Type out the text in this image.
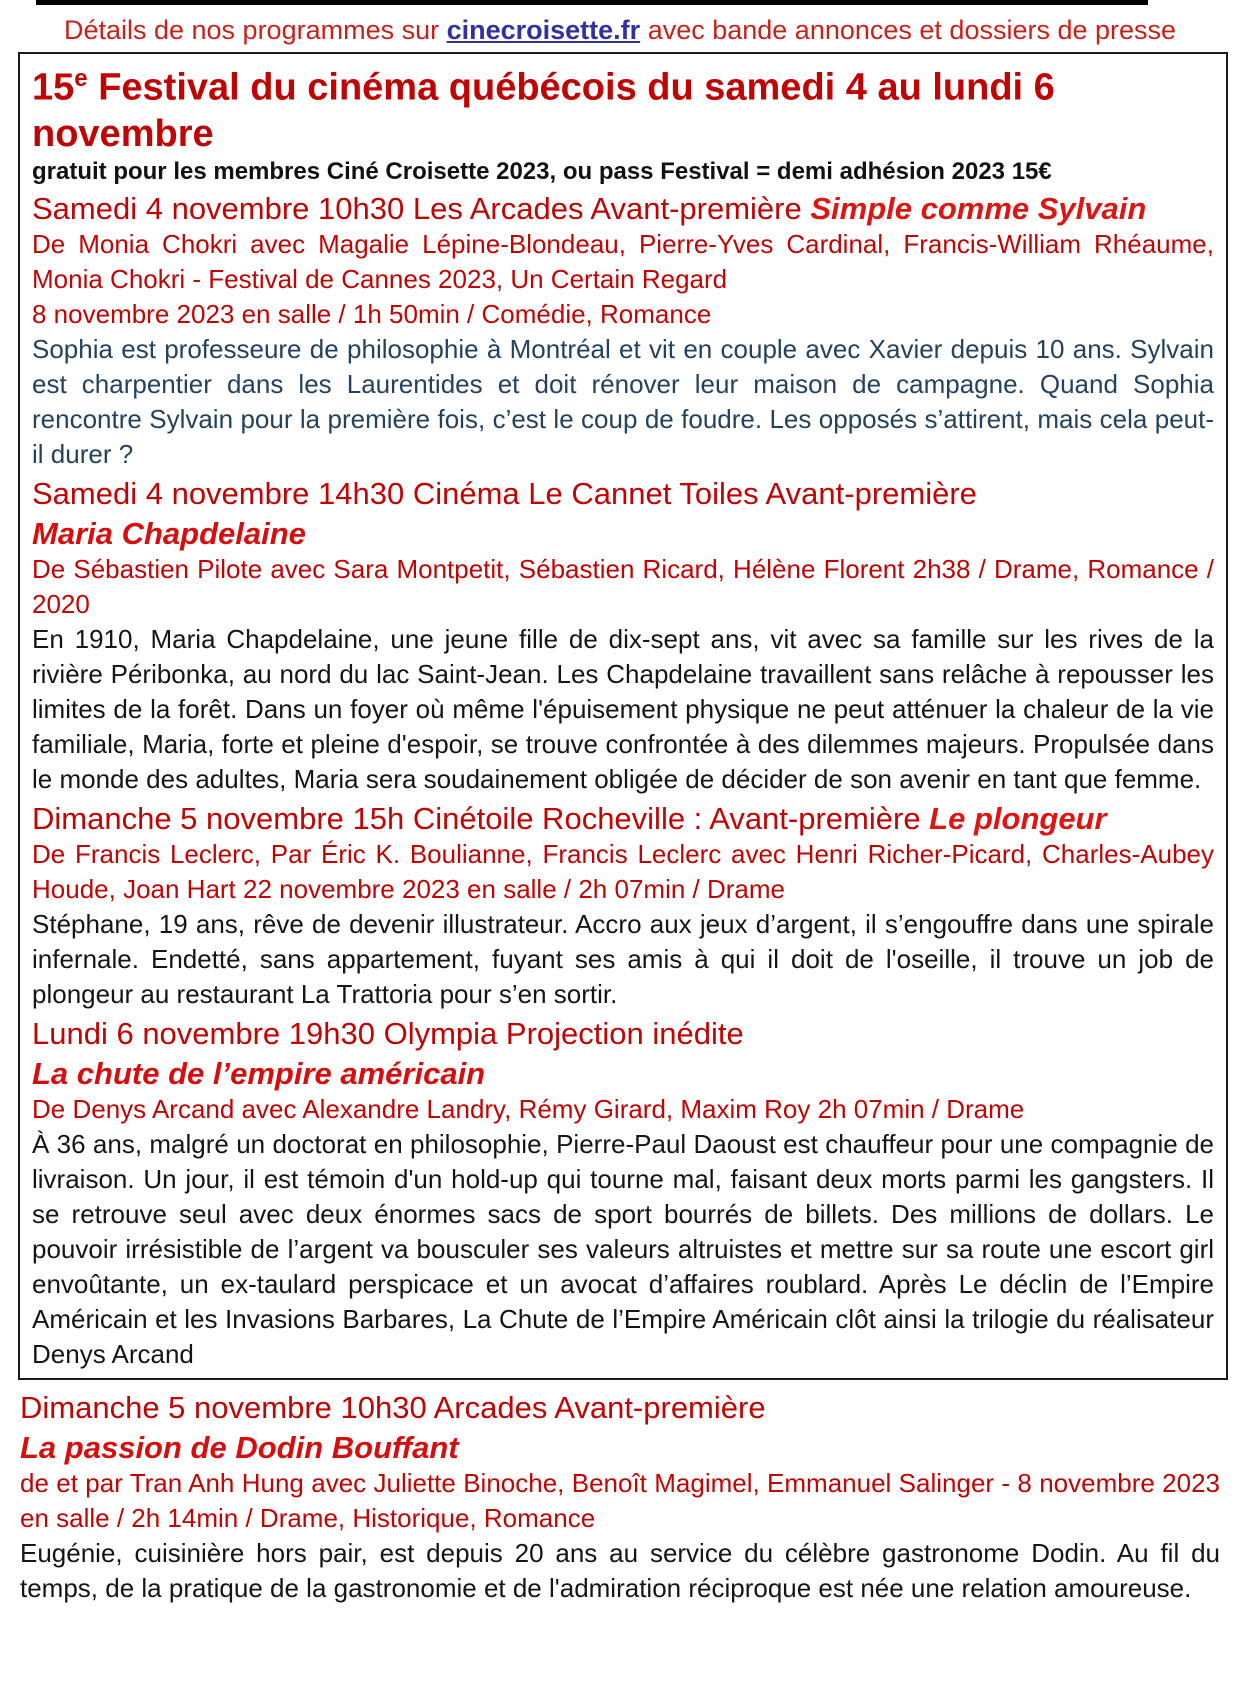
Détails de nos programmes sur cinecroisette.fr avec bande annonces et dossiers de presse

15e Festival du cinéma québécois du samedi 4 au lundi 6 novembre

gratuit pour les membres Ciné Croisette 2023, ou pass Festival = demi adhésion 2023 15€

Samedi 4 novembre 10h30 Les Arcades Avant-première Simple comme Sylvain

De Monia Chokri avec Magalie Lépine-Blondeau, Pierre-Yves Cardinal, Francis-William Rhéaume, Monia Chokri - Festival de Cannes 2023, Un Certain Regard

8 novembre 2023 en salle / 1h 50min / Comédie, Romance

Sophia est professeure de philosophie à Montréal et vit en couple avec Xavier depuis 10 ans. Sylvain est charpentier dans les Laurentides et doit rénover leur maison de campagne. Quand Sophia rencontre Sylvain pour la première fois, c’est le coup de foudre. Les opposés s’attirent, mais cela peut-il durer ?

Samedi 4 novembre 14h30 Cinéma Le Cannet Toiles Avant-première
Maria Chapdelaine

De Sébastien Pilote avec Sara Montpetit, Sébastien Ricard, Hélène Florent 2h38 / Drame, Romance / 2020

En 1910, Maria Chapdelaine, une jeune fille de dix-sept ans, vit avec sa famille sur les rives de la rivière Péribonka, au nord du lac Saint-Jean. Les Chapdelaine travaillent sans relâche à repousser les limites de la forêt. Dans un foyer où même l'épuisement physique ne peut atténuer la chaleur de la vie familiale, Maria, forte et pleine d'espoir, se trouve confrontée à des dilemmes majeurs. Propulsée dans le monde des adultes, Maria sera soudainement obligée de décider de son avenir en tant que femme.

Dimanche 5 novembre 15h Cinétoile Rocheville : Avant-première Le plongeur

De Francis Leclerc, Par Éric K. Boulianne, Francis Leclerc avec Henri Richer-Picard, Charles-Aubey Houde, Joan Hart 22 novembre 2023 en salle / 2h 07min / Drame

Stéphane, 19 ans, rêve de devenir illustrateur. Accro aux jeux d’argent, il s’engouffre dans une spirale infernale. Endetté, sans appartement, fuyant ses amis à qui il doit de l'oseille, il trouve un job de plongeur au restaurant La Trattoria pour s’en sortir.

Lundi 6 novembre 19h30 Olympia Projection inédite
La chute de l’empire américain

De Denys Arcand avec Alexandre Landry, Rémy Girard, Maxim Roy 2h 07min / Drame

À 36 ans, malgré un doctorat en philosophie, Pierre-Paul Daoust est chauffeur pour une compagnie de livraison. Un jour, il est témoin d'un hold-up qui tourne mal, faisant deux morts parmi les gangsters. Il se retrouve seul avec deux énormes sacs de sport bourrés de billets. Des millions de dollars. Le pouvoir irrésistible de l’argent va bousculer ses valeurs altruistes et mettre sur sa route une escort girl envoûtante, un ex-taulard perspicace et un avocat d’affaires roublard. Après Le déclin de l’Empire Américain et les Invasions Barbares, La Chute de l’Empire Américain clôt ainsi la trilogie du réalisateur Denys Arcand

Dimanche 5 novembre 10h30 Arcades Avant-première
La passion de Dodin Bouffant

de et par Tran Anh Hung avec Juliette Binoche, Benoît Magimel, Emmanuel Salinger - 8 novembre 2023 en salle / 2h 14min / Drame, Historique, Romance

Eugénie, cuisinière hors pair, est depuis 20 ans au service du célèbre gastronome Dodin. Au fil du temps, de la pratique de la gastronomie et de l'admiration réciproque est née une relation amoureuse.
